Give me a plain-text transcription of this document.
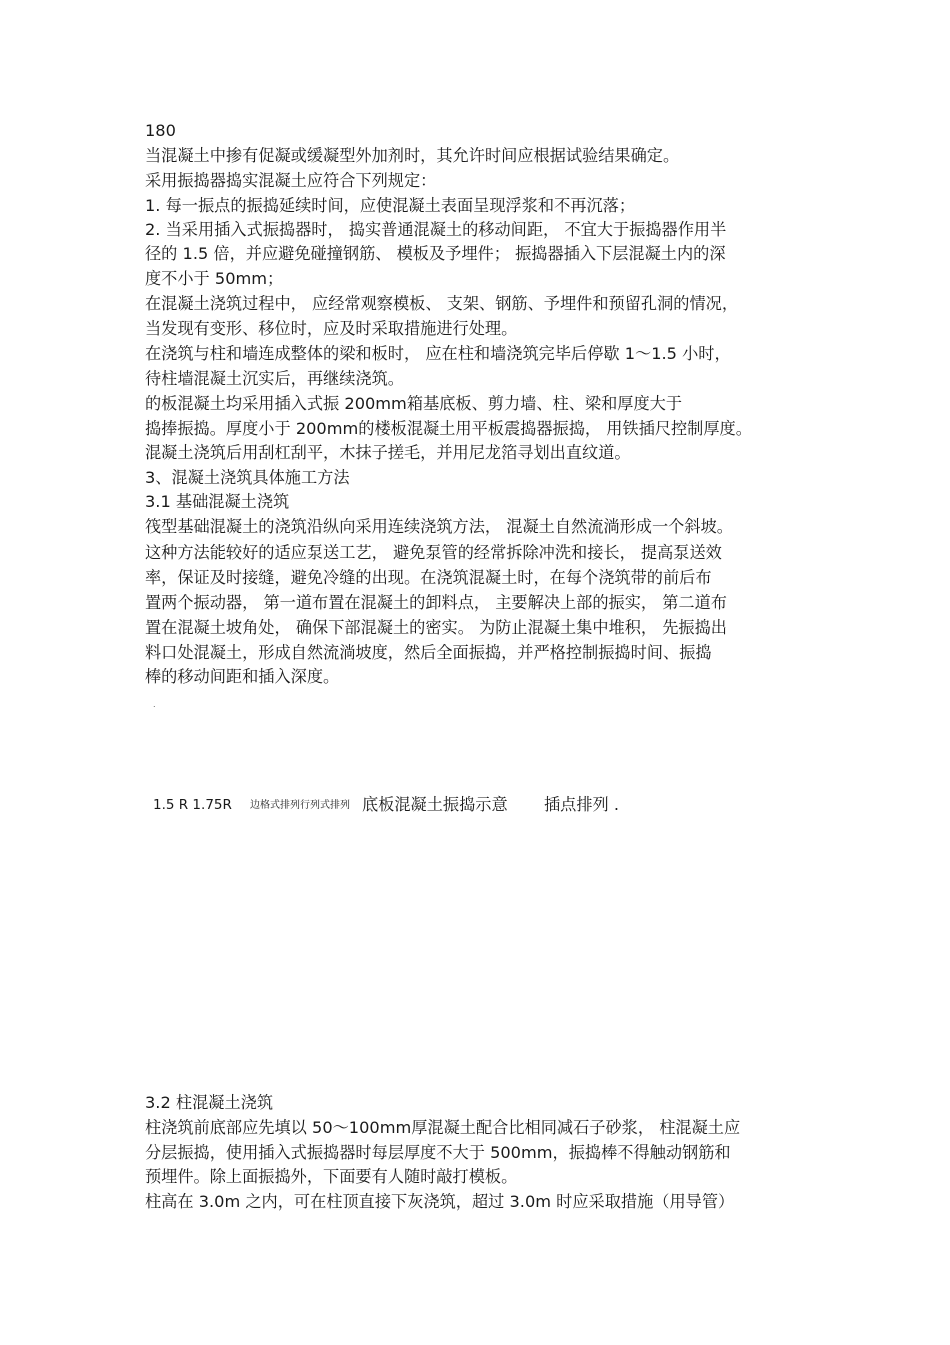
180
当混凝土中掺有促凝或缓凝型外加剂时，其允许时间应根据试验结果确定。
采用振捣器捣实混凝土应符合下列规定：
1. 每一振点的振捣延续时间，应使混凝土表面呈现浮浆和不再沉落；
2. 当采用插入式振捣器时， 捣实普通混凝土的移动间距， 不宜大于振捣器作用半
径的 1.5 倍，并应避免碰撞钢筋、 模板及予埋件； 振捣器插入下层混凝土内的深
度不小于 50mm；
在混凝土浇筑过程中， 应经常观察模板、 支架、钢筋、予埋件和预留孔洞的情况，
当发现有变形、移位时，应及时采取措施进行处理。
在浇筑与柱和墙连成整体的梁和板时， 应在柱和墙浇筑完毕后停歇 1～1.5 小时，
待柱墙混凝土沉实后，再继续浇筑。
的板混凝土均采用插入式振 200mm箱基底板、剪力墙、柱、梁和厚度大于
捣捧振捣。厚度小于 200mm的楼板混凝土用平板震捣器振捣， 用铁插尺控制厚度。
混凝土浇筑后用刮杠刮平，木抹子搓毛，并用尼龙箔寻划出直纹道。
3、混凝土浇筑具体施工方法
3.1 基础混凝土浇筑
筏型基础混凝土的浇筑沿纵向采用连续浇筑方法， 混凝土自然流淌形成一个斜坡。
这种方法能较好的适应泵送工艺， 避免泵管的经常拆除冲洗和接长， 提高泵送效
率，保证及时接缝，避免冷缝的出现。在浇筑混凝土时，在每个浇筑带的前后布
置两个振动器， 第一道布置在混凝土的卸料点， 主要解决上部的振实， 第二道布
置在混凝土坡角处， 确保下部混凝土的密实。 为防止混凝土集中堆积， 先振捣出
料口处混凝土，形成自然流淌坡度，然后全面振捣，并严格控制振捣时间、振捣
棒的移动间距和插入深度。
.
1.5 R 1.75R 边格式排列行列式排列 底板混凝土振捣示意 插点排列 .
3.2 柱混凝土浇筑
柱浇筑前底部应先填以 50～100mm厚混凝土配合比相同减石子砂浆， 柱混凝土应
分层振捣，使用插入式振捣器时每层厚度不大于 500mm，振捣棒不得触动钢筋和
预埋件。除上面振捣外，下面要有人随时敲打模板。
柱高在 3.0m 之内，可在柱顶直接下灰浇筑，超过 3.0m 时应采取措施（用导管）
